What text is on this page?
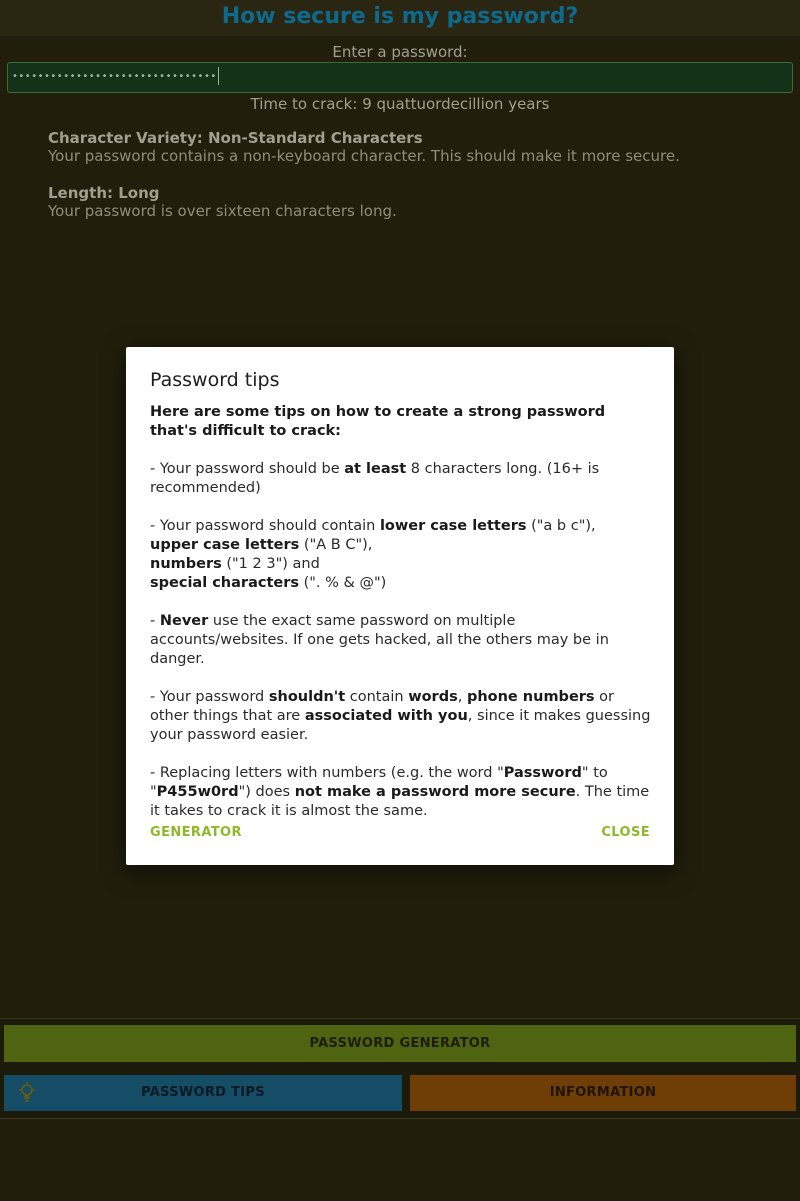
How secure is my password?
Enter a password:
••••••••••••••••••••••••••••••••
Time to crack: 9 quattuordecillion years
Character Variety: Non-Standard Characters
Your password contains a non-keyboard character. This should make it more secure.
Length: Long
Your password is over sixteen characters long.
PASSWORD GENERATOR
PASSWORD TIPS	INFORMATION
Password tips

Here are some tips on how to create a strong password that's difficult to crack:

- Your password should be at least 8 characters long. (16+ is recommended)

- Your password should contain lower case letters ("a b c"),
upper case letters ("A B C"),
numbers ("1 2 3") and
special characters (". % & @")

- Never use the exact same password on multiple accounts/websites. If one gets hacked, all the others may be in danger.

- Your password shouldn't contain words, phone numbers or other things that are associated with you, since it makes guessing your password easier.

- Replacing letters with numbers (e.g. the word "Password" to "P455w0rd") does not make a password more secure. The time it takes to crack it is almost the same.

GENERATOR	CLOSE
